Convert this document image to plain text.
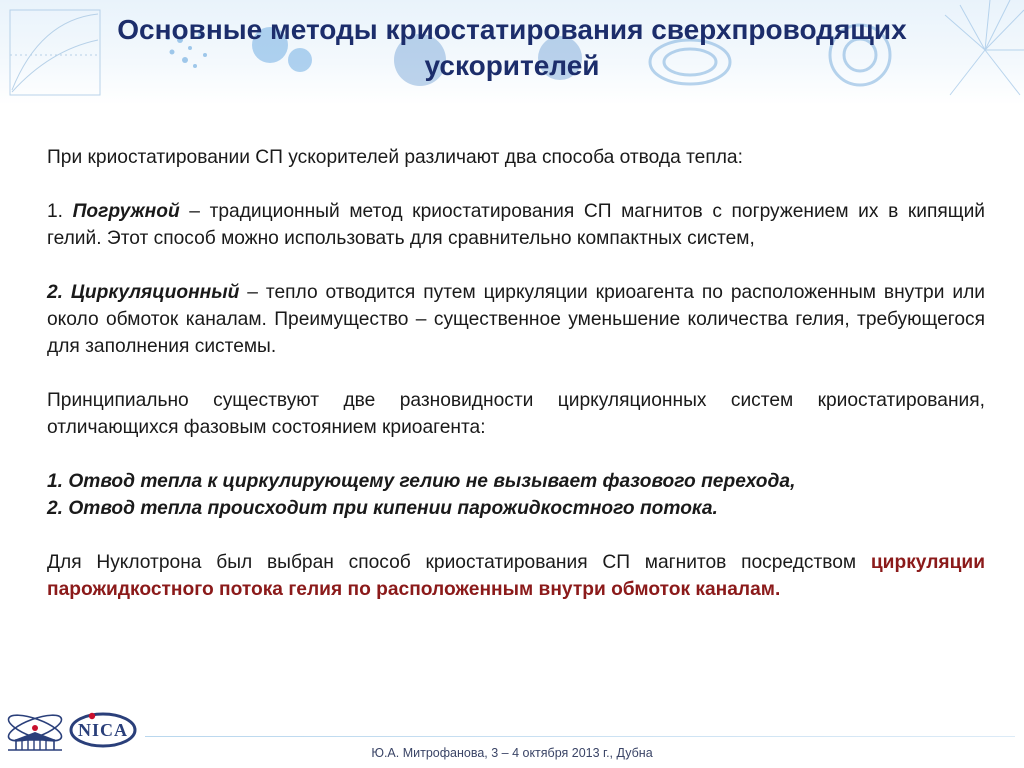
Основные методы криостатирования сверхпроводящих ускорителей

При криостатировании СП ускорителей различают два способа отвода тепла:

1. Погружной – традиционный метод криостатирования СП магнитов с погружением их в кипящий гелий. Этот способ можно использовать для сравнительно компактных систем,

2. Циркуляционный – тепло отводится путем циркуляции криоагента по расположенным внутри или около обмоток каналам. Преимущество – существенное уменьшение количества гелия, требующегося для заполнения системы.

Принципиально существуют две разновидности циркуляционных систем криостатирования, отличающихся фазовым состоянием криоагента:

1. Отвод тепла к циркулирующему гелию не вызывает фазового перехода,

2. Отвод тепла происходит при кипении парожидкостного потока.

Для Нуклотрона был выбран способ криостатирования СП магнитов посредством циркуляции парожидкостного потока гелия по расположенным внутри обмоток каналам.

NICA
Ю.А. Митрофанова, 3 – 4 октября 2013 г., Дубна
